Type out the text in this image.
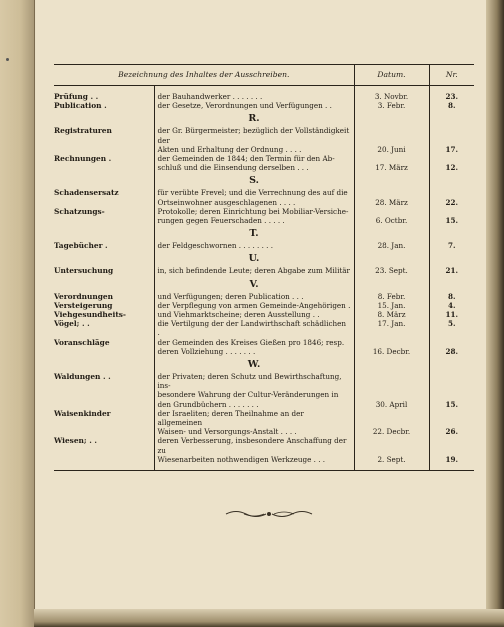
Bezeichnung des Inhaltes der Ausschreiben.		Datum.	Nr.

Prüfung . .	der Bauhandwerker . . . . . . .	3. Novbr.	23.
Publication .	der Gesetze, Verordnungen und Verfügungen . .	3. Febr.	8.
	R.		
Registraturen	der Gr. Bürgermeister; bezüglich der Vollständigkeit der		
	Akten und Erhaltung der Ordnung . . . .	20. Juni	17.
Rechnungen .	der Gemeinden de 1844; den Termin für den Ab-		
	schluß und die Einsendung derselben . . .	17. März	12.
	S.		
Schadensersatz	für verübte Frevel; und die Verrechnung des auf die		
	Ortseinwohner ausgeschlagenen . . . .	28. März	22.
Schatzungs-	Protokolle; deren Einrichtung bei Mobiliar-Versiche-		
	rungen gegen Feuerschaden . . . . .	6. Octbr.	15.
	T.		
Tagebücher .	der Feldgeschwornen . . . . . . . .	28. Jan.	7.
	U.		
Untersuchung	in, sich befindende Leute; deren Abgabe zum Militär	23. Sept.	21.
	V.		
Verordnungen	und Verfügungen; deren Publication . . .	8. Febr.	8.
Versteigerung	der Verpflegung von armen Gemeinde-Angehörigen .	15. Jan.	4.
Viehgesundheits-	und Viehmarktscheine; deren Ausstellung . .	8. März	11.
Vögel; . .	die Vertilgung der der Landwirthschaft schädlichen .	17. Jan.	5.
Voranschläge	der Gemeinden des Kreises Gießen pro 1846; resp.		
	deren Vollziehung . . . . . . .	16. Decbr.	28.
	W.		
Waldungen . .	der Privaten; deren Schutz und Bewirthschaftung, ins-		
	besondere Wahrung der Cultur-Veränderungen in		
	den Grundbüchern . . . . . . .	30. April	15.
Waisenkinder	der Israeliten; deren Theilnahme an der allgemeinen		
	Waisen- und Versorgungs-Anstalt . . . .	22. Decbr.	26.
Wiesen; . .	deren Verbesserung, insbesondere Anschaffung der zu		
	Wiesenarbeiten nothwendigen Werkzeuge . . .	2. Sept.	19.
